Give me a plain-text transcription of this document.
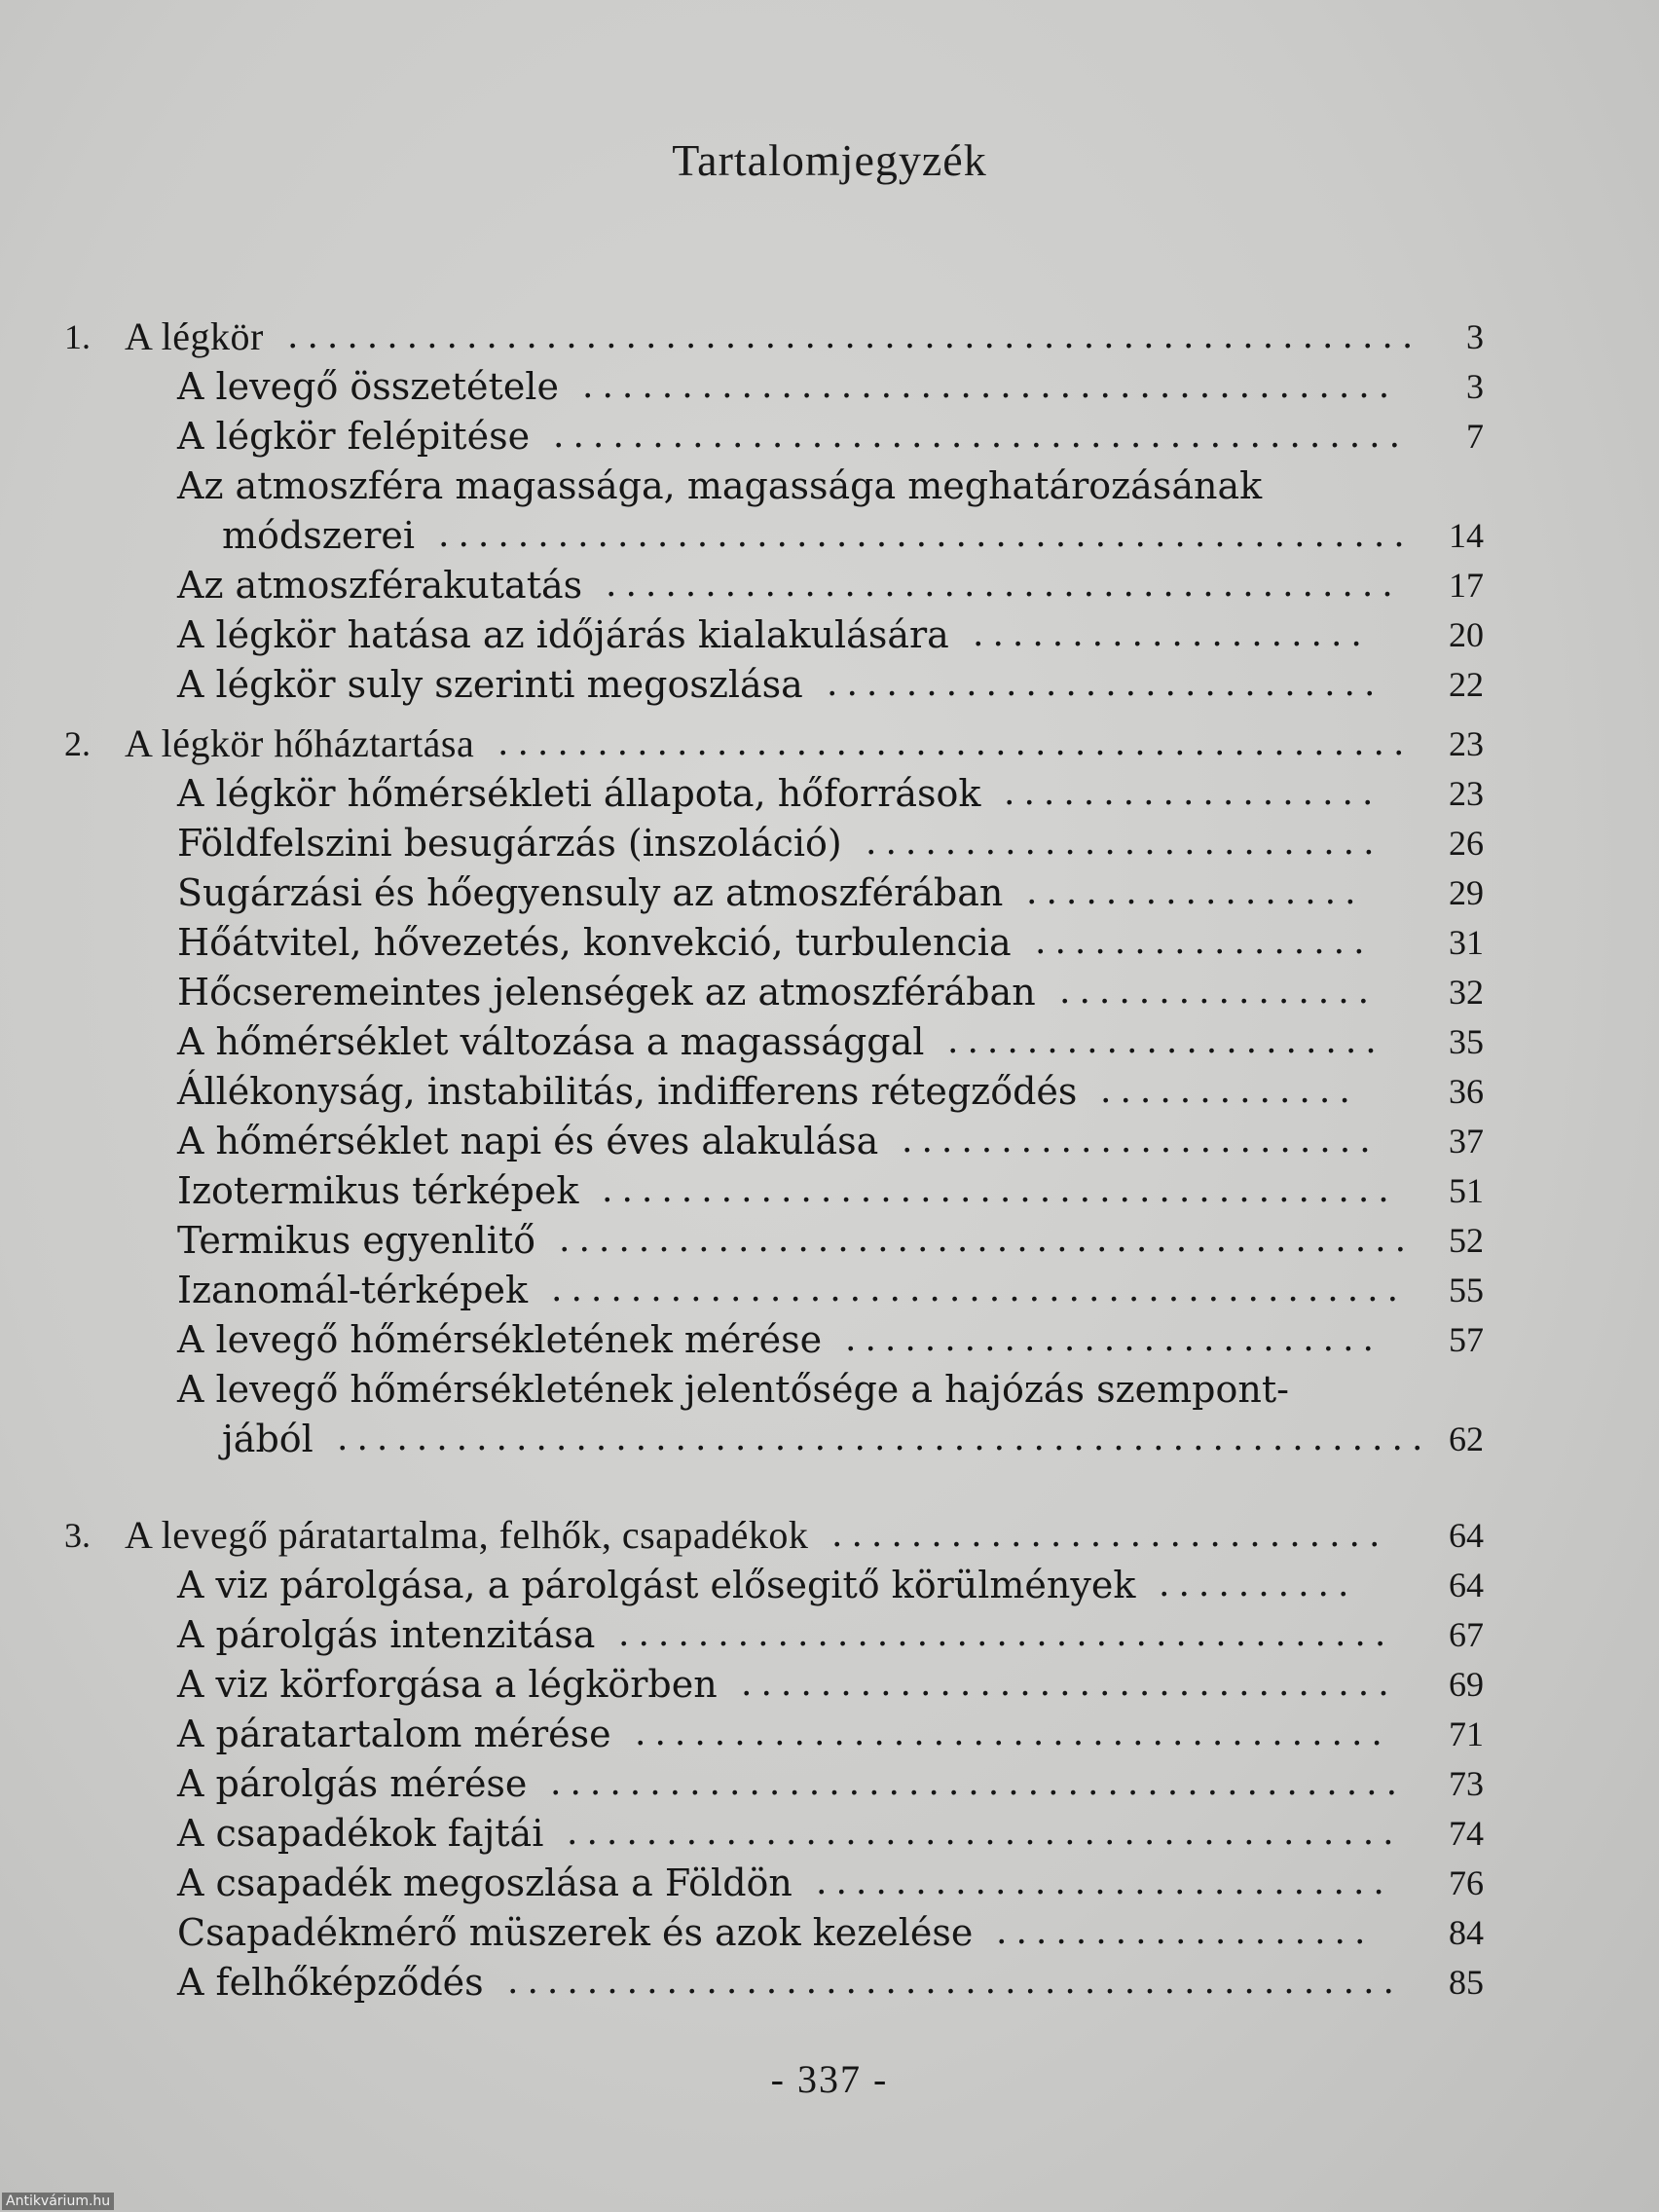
Tartalomjegyzék
1. A légkör ......................................................... 3
A levegő összetétele ......................................... 3
A légkör felépitése ........................................... 7
Az atmoszféra magassága, magassága meghatározásának
módszerei ................................................. 14
Az atmoszférakutatás ........................................ 17
A légkör hatása az időjárás kialakulására .................... 20
A légkör suly szerinti megoszlása ............................ 22
2. A légkör hőháztartása .............................................. 23
A légkör hőmérsékleti állapota, hőforrások ................... 23
Földfelszini besugárzás (inszoláció) .......................... 26
Sugárzási és hőegyensuly az atmoszférában ................. 29
Hőátvitel, hővezetés, konvekció, turbulencia ................. 31
Hőcseremeintes jelenségek az atmoszférában ................ 32
A hőmérséklet változása a magassággal ...................... 35
Állékonyság, instabilitás, indifferens rétegződés .............	36
A hőmérséklet napi és éves alakulása ........................ 37
Izotermikus térképek ........................................ 51
Termikus egyenlitő ........................................... 52
Izanomál-térképek ........................................... 55
A levegő hőmérsékletének mérése ........................... 57
A levegő hőmérsékletének jelentősége a hajózás szempont-
jából ....................................................... 62
3. A levegő páratartalma, felhők, csapadékok ............................ 64
A viz párolgása, a párolgást elősegitő körülmények ..........	64
A párolgás intenzitása ....................................... 67
A viz körforgása a légkörben ................................. 69
A páratartalom mérése ...................................... 71
A párolgás mérése ........................................... 73
A csapadékok fajtái .......................................... 74
A csapadék megoszlása a Földön ............................. 76
Csapadékmérő müszerek és azok kezelése ................... 84
A felhőképződés ............................................. 85
- 337 -
Antikvárium.hu
